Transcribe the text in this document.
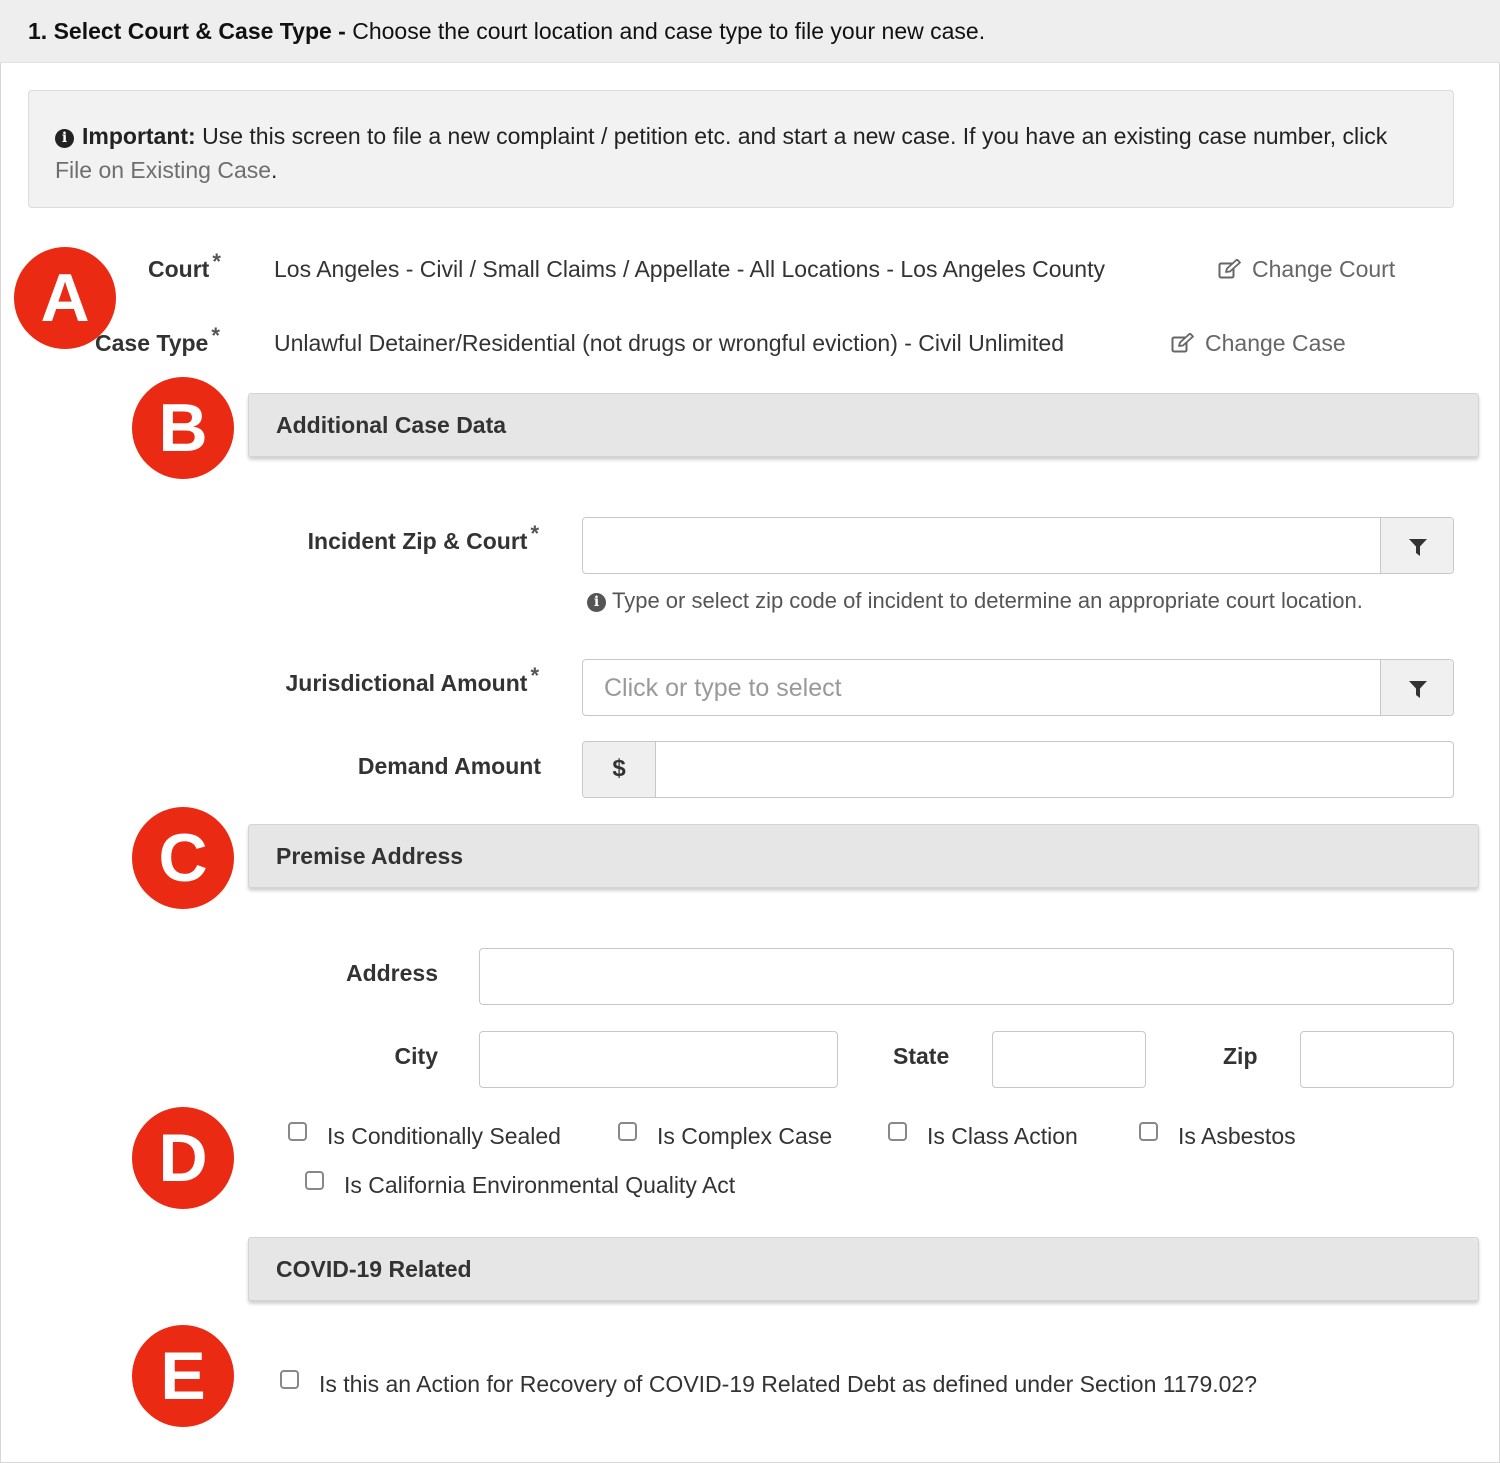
1. Select Court & Case Type - Choose the court location and case type to file your new case.
i Important: Use this screen to file a new complaint / petition etc. and start a new case. If you have an existing case number, click File on Existing Case.
Court * Los Angeles - Civil / Small Claims / Appellate - All Locations - Los Angeles County	Change Court
Case Type * Unlawful Detainer/Residential (not drugs or wrongful eviction) - Civil Unlimited	Change Case
Additional Case Data
Incident Zip & Court *
i Type or select zip code of incident to determine an appropriate court location.
Jurisdictional Amount *	Click or type to select
Demand Amount	$
Premise Address
Address
City	State	Zip
Is Conditionally Sealed	Is Complex Case	Is Class Action	Is Asbestos
Is California Environmental Quality Act
COVID-19 Related
Is this an Action for Recovery of COVID-19 Related Debt as defined under Section 1179.02?
A
B
C
D
E
